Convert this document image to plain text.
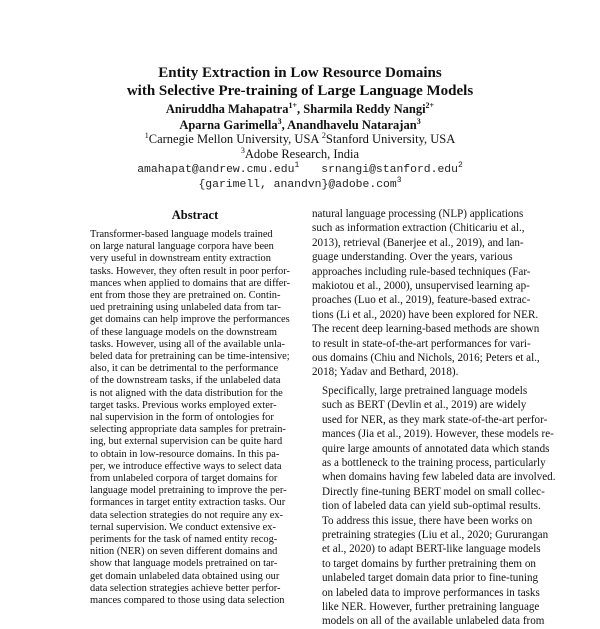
Entity Extraction in Low Resource Domains
with Selective Pre-training of Large Language Models
Aniruddha Mahapatra$^{1+}$, Sharmila Reddy Nangi$^{2+}$
Aparna Garimella$^3$, Anandhavelu Natarajan$^3$
$^1$Carnegie Mellon University, USA $^2$Stanford University, USA
$^3$Adobe Research, India
amahapat@andrew.cmu.edu$^1$ srnangi@stanford.edu$^2$
{garimell, anandvn}@adobe.com$^3$
Abstract
Transformer-based language models trained
on large natural language corpora have been
very useful in downstream entity extraction
tasks. However, they often result in poor perfor-
mances when applied to domains that are differ-
ent from those they are pretrained on. Contin-
ued pretraining using unlabeled data from tar-
get domains can help improve the performances
of these language models on the downstream
tasks. However, using all of the available unla-
beled data for pretraining can be time-intensive;
also, it can be detrimental to the performance
of the downstream tasks, if the unlabeled data
is not aligned with the data distribution for the
target tasks. Previous works employed exter-
nal supervision in the form of ontologies for
selecting appropriate data samples for pretrain-
ing, but external supervision can be quite hard
to obtain in low-resource domains. In this pa-
per, we introduce effective ways to select data
from unlabeled corpora of target domains for
language model pretraining to improve the per-
formances in target entity extraction tasks. Our
data selection strategies do not require any ex-
ternal supervision. We conduct extensive ex-
periments for the task of named entity recog-
nition (NER) on seven different domains and
show that language models pretrained on tar-
get domain unlabeled data obtained using our
data selection strategies achieve better perfor-
mances compared to those using data selection
natural language processing (NLP) applications
such as information extraction (Chiticariu et al.,
2013), retrieval (Banerjee et al., 2019), and lan-
guage understanding. Over the years, various
approaches including rule-based techniques (Far-
makiotou et al., 2000), unsupervised learning ap-
proaches (Luo et al., 2019), feature-based extrac-
tions (Li et al., 2020) have been explored for NER.
The recent deep learning-based methods are shown
to result in state-of-the-art performances for vari-
ous domains (Chiu and Nichols, 2016; Peters et al.,
2018; Yadav and Bethard, 2018).
Specifically, large pretrained language models
such as BERT (Devlin et al., 2019) are widely
used for NER, as they mark state-of-the-art perfor-
mances (Jia et al., 2019). However, these models re-
quire large amounts of annotated data which stands
as a bottleneck to the training process, particularly
when domains having few labeled data are involved.
Directly fine-tuning BERT model on small collec-
tion of labeled data can yield sub-optimal results.
To address this issue, there have been works on
pretraining strategies (Liu et al., 2020; Gururangan
et al., 2020) to adapt BERT-like language models
to target domains by further pretraining them on
unlabeled target domain data prior to fine-tuning
on labeled data to improve performances in tasks
like NER. However, further pretraining language
models on all of the available unlabeled data from
